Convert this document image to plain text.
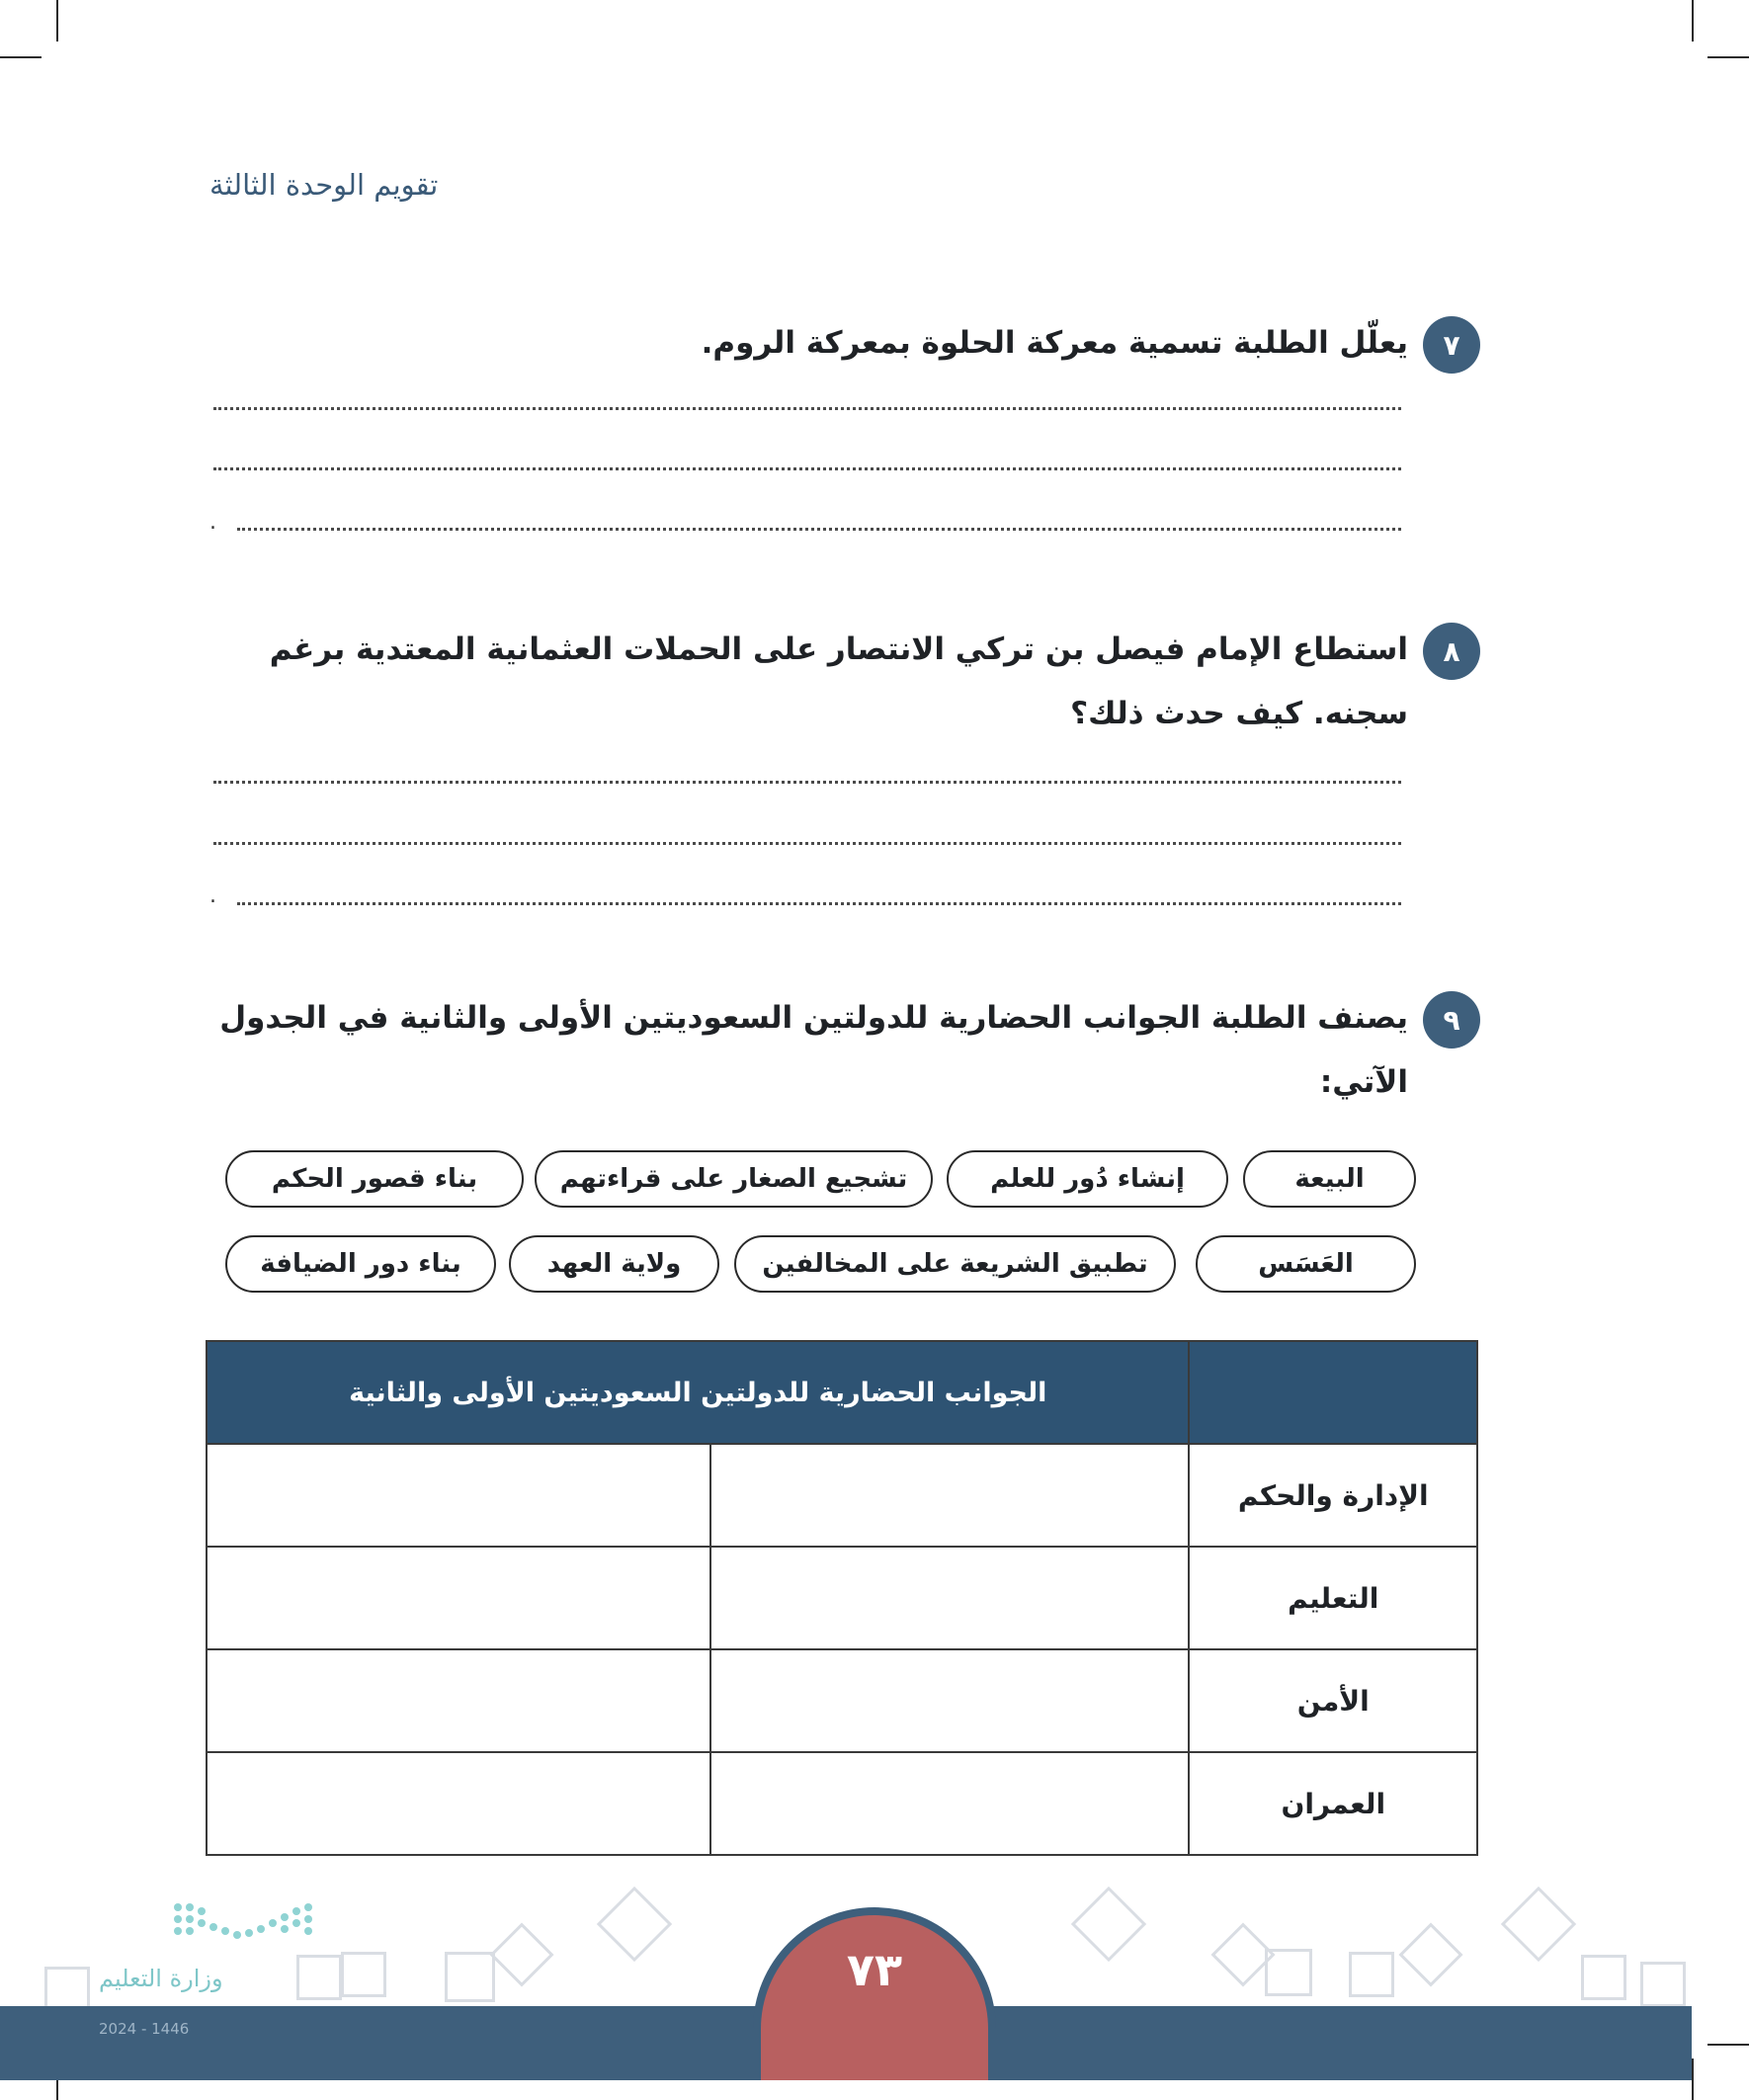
تقويم الوحدة الثالثة
٧
يعلّل الطلبة تسمية معركة الحلوة بمعركة الروم.
.
٨
استطاع الإمام فيصل بن تركي الانتصار على الحملات العثمانية المعتدية برغم
سجنه. كيف حدث ذلك؟
.
٩
يصنف الطلبة الجوانب الحضارية للدولتين السعوديتين الأولى والثانية في الجدول
الآتي:
البيعة
إنشاء دُور للعلم
تشجيع الصغار على قراءتهم
بناء قصور الحكم
العَسَس
تطبيق الشريعة على المخالفين
ولاية العهد
بناء دور الضيافة
الجوانب الحضارية للدولتين السعوديتين الأولى والثانية		
		الإدارة والحكم
		التعليم
		الأمن
		العمران
وزارة التعليم
2024 - 1446
٧٣
